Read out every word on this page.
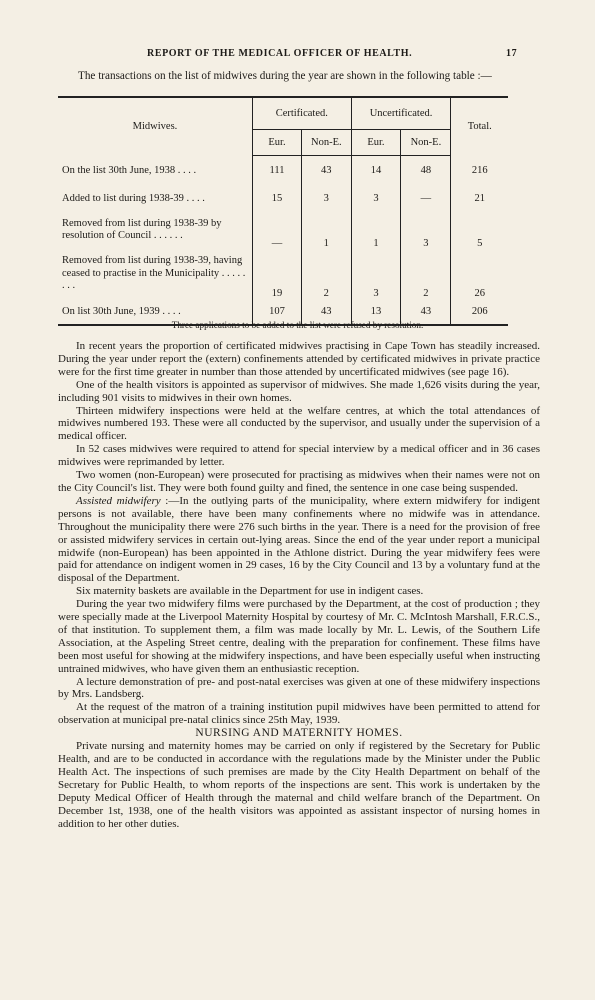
REPORT OF THE MEDICAL OFFICER OF HEALTH.	17
The transactions on the list of midwives during the year are shown in the following table :—
Midwives.	Certificated.		Uncertificated.		Total.
	Eur.	Non-E.	Eur.	Non-E.	
On the list 30th June, 1938 . . . .	111	43	14	48	216
Added to list during 1938-39 . . . .	15	3	3	—	21
Removed from list during 1938-39 by resolution of Council . . . . . .	—	1	1	3	5
Removed from list during 1938-39, having ceased to practise in the Municipality . . . . . . . .	19	2	3	2	26
On list 30th June, 1939 . . . .	107	43	13	43	206
Three applications to be added to the list were refused by resolution.

In recent years the proportion of certificated midwives practising in Cape Town has steadily increased. During the year under report the (extern) confinements attended by certificated midwives in private practice were for the first time greater in number than those attended by uncertificated midwives (see page 16).

One of the health visitors is appointed as supervisor of midwives. She made 1,626 visits during the year, including 901 visits to midwives in their own homes.

Thirteen midwifery inspections were held at the welfare centres, at which the total attendances of midwives numbered 193. These were all conducted by the supervisor, and usually under the supervision of a medical officer.

In 52 cases midwives were required to attend for special interview by a medical officer and in 36 cases midwives were reprimanded by letter.

Two women (non-European) were prosecuted for practising as midwives when their names were not on the City Council's list. They were both found guilty and fined, the sentence in one case being suspended.

Assisted midwifery :—In the outlying parts of the municipality, where extern midwifery for indigent persons is not available, there have been many confinements where no midwife was in attendance. Throughout the municipality there were 276 such births in the year. There is a need for the provision of free or assisted midwifery services in certain out-lying areas. Since the end of the year under report a municipal midwife (non-European) has been appointed in the Athlone district. During the year midwifery fees were paid for attendance on indigent women in 29 cases, 16 by the City Council and 13 by a voluntary fund at the disposal of the Department.

Six maternity baskets are available in the Department for use in indigent cases.

During the year two midwifery films were purchased by the Department, at the cost of production ; they were specially made at the Liverpool Maternity Hospital by courtesy of Mr. C. McIntosh Marshall, F.R.C.S., of that institution. To supplement them, a film was made locally by Mr. L. Lewis, of the Southern Life Association, at the Aspeling Street centre, dealing with the preparation for confinement. These films have been most useful for showing at the midwifery inspections, and have been especially useful when instructing untrained midwives, who have given them an enthusiastic reception.

A lecture demonstration of pre- and post-natal exercises was given at one of these midwifery inspections by Mrs. Landsberg.

At the request of the matron of a training institution pupil midwives have been permitted to attend for observation at municipal pre-natal clinics since 25th May, 1939.

NURSING AND MATERNITY HOMES.

Private nursing and maternity homes may be carried on only if registered by the Secretary for Public Health, and are to be conducted in accordance with the regulations made by the Minister under the Public Health Act. The inspections of such premises are made by the City Health Department on behalf of the Secretary for Public Health, to whom reports of the inspections are sent. This work is undertaken by the Deputy Medical Officer of Health through the maternal and child welfare branch of the Department. On December 1st, 1938, one of the health visitors was appointed as assistant inspector of nursing homes in addition to her other duties.
